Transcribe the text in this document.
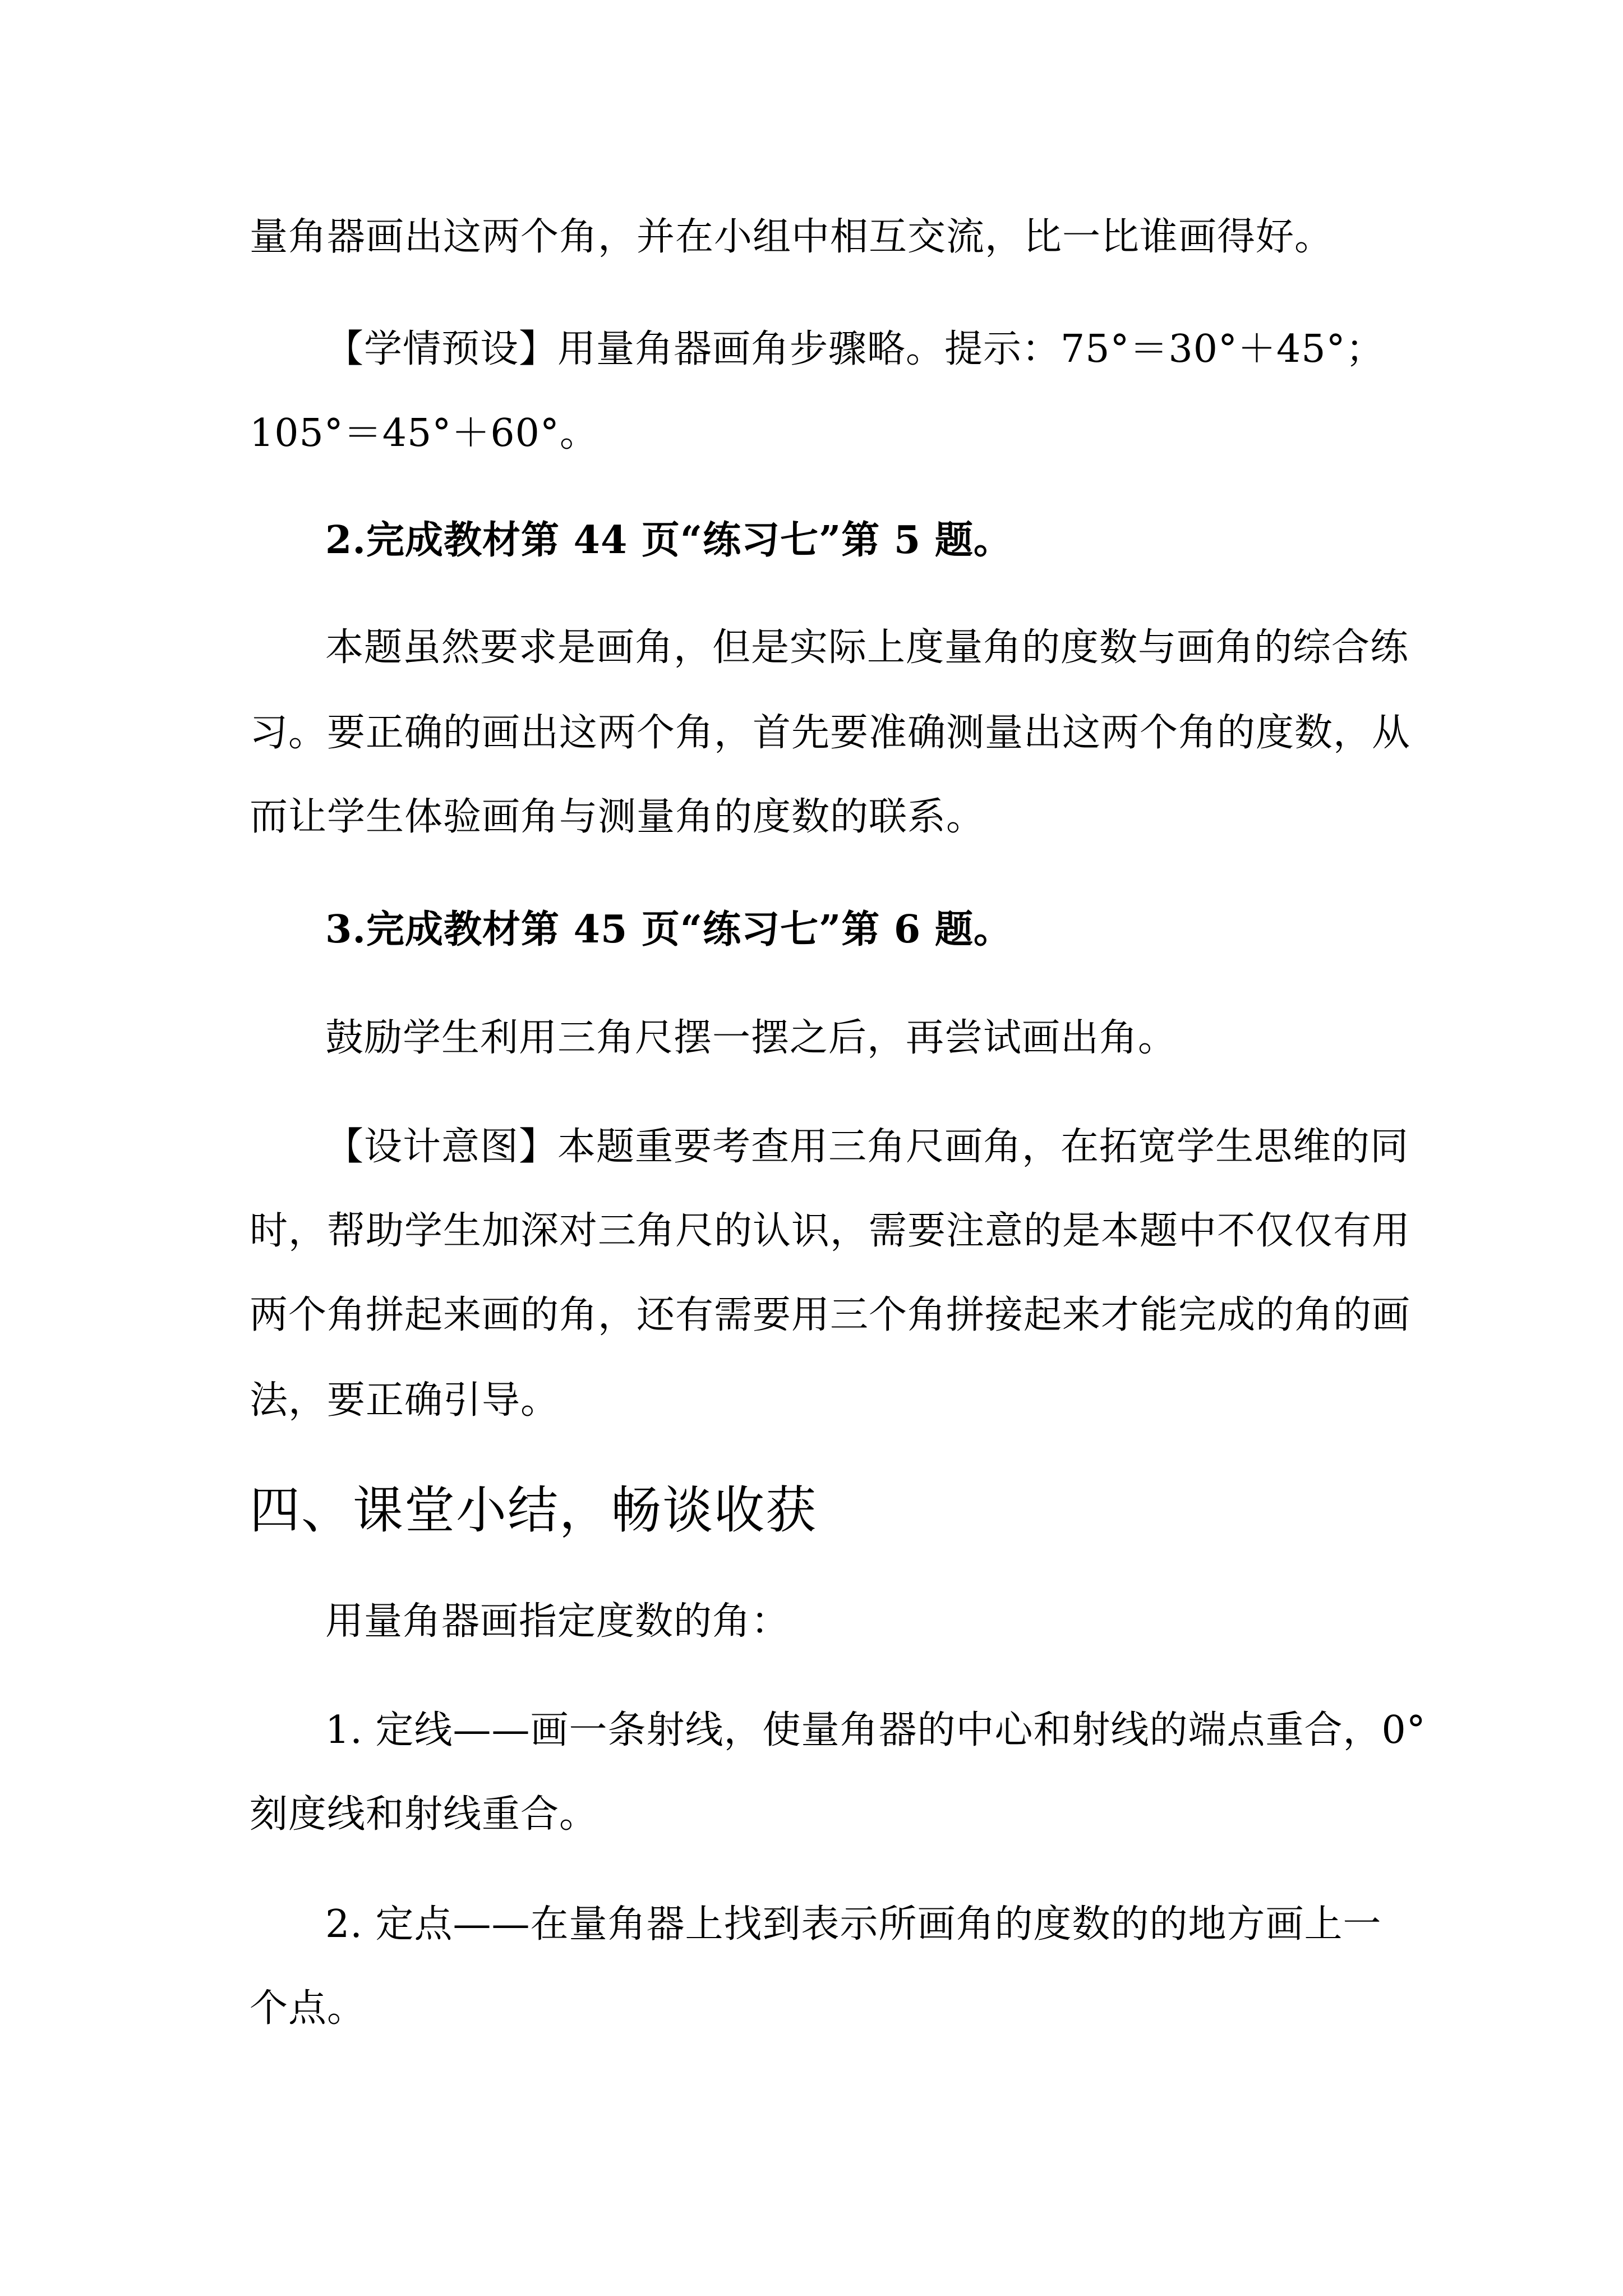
量角器画出这两个角，并在小组中相互交流，比一比谁画得好。
【学情预设】用量角器画角步骤略。提示：75°＝30°＋45°；
105°＝45°＋60°。
2.完成教材第 44 页“练习七”第 5 题。
本题虽然要求是画角，但是实际上度量角的度数与画角的综合练
习。要正确的画出这两个角，首先要准确测量出这两个角的度数，从
而让学生体验画角与测量角的度数的联系。
3.完成教材第 45 页“练习七”第 6 题。
鼓励学生利用三角尺摆一摆之后，再尝试画出角。
【设计意图】本题重要考查用三角尺画角，在拓宽学生思维的同
时，帮助学生加深对三角尺的认识，需要注意的是本题中不仅仅有用
两个角拼起来画的角，还有需要用三个角拼接起来才能完成的角的画
法，要正确引导。
四、课堂小结，畅谈收获
用量角器画指定度数的角：
1. 定线——画一条射线，使量角器的中心和射线的端点重合，0°
刻度线和射线重合。
2. 定点——在量角器上找到表示所画角的度数的的地方画上一
个点。
